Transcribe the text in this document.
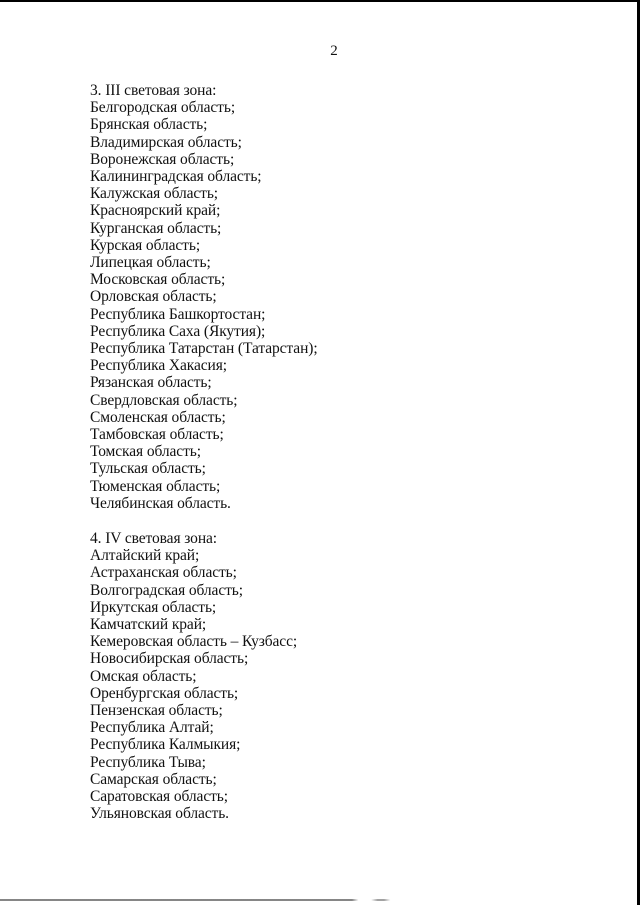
2
3. III световая зона:
Белгородская область;
Брянская область;
Владимирская область;
Воронежская область;
Калининградская область;
Калужская область;
Красноярский край;
Курганская область;
Курская область;
Липецкая область;
Московская область;
Орловская область;
Республика Башкортостан;
Республика Саха (Якутия);
Республика Татарстан (Татарстан);
Республика Хакасия;
Рязанская область;
Свердловская область;
Смоленская область;
Тамбовская область;
Томская область;
Тульская область;
Тюменская область;
Челябинская область.
4. IV световая зона:
Алтайский край;
Астраханская область;
Волгоградская область;
Иркутская область;
Камчатский край;
Кемеровская область – Кузбасс;
Новосибирская область;
Омская область;
Оренбургская область;
Пензенская область;
Республика Алтай;
Республика Калмыкия;
Республика Тыва;
Самарская область;
Саратовская область;
Ульяновская область.
